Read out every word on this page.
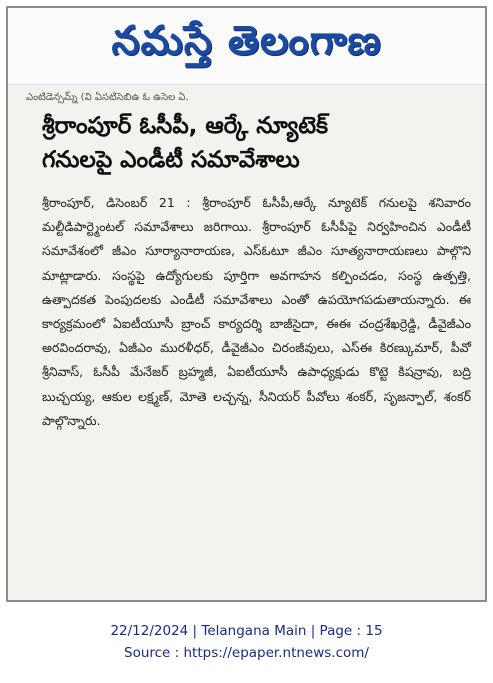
నమస్తే తెలంగాణ
ఎంటిడెన్సమ్న్ (వి ఏసటిసెబిఉ ఓ ఉసెల ఏ.
శ్రీరాంపూర్ ఓసీపీ, ఆర్కే న్యూటెక్
గనులపై ఎండీటీ సమావేశాలు
శ్రీరాంపూర్, డిసెంబర్ 21 : శ్రీరాంపూర్ ఓసీపీ,ఆర్కే న్యూటెక్ గనులపై శనివారం మల్టీడిపార్ట్మెంటల్ సమావేశాలు జరిగాయి. శ్రీరాంపూర్ ఓసీపీపై నిర్వహించిన ఎండీటీ సమావేశంలో జీఎం సూర్యానారాయణ, ఎస్ఓటూ జీఎం సూత్యనారాయణలు పాల్గొని మాట్లాడారు. సంస్థపై ఉద్యోగులకు పూర్తిగా అవగాహన కల్పించడం, సంస్థ ఉత్పత్తి, ఉత్పాదకత పెంపుదలకు ఎండీటీ సమావేశాలు ఎంతో ఉపయోగపడుతాయన్నారు. ఈ కార్యక్రమంలో ఏఐటీయూసీ బ్రాంచ్ కార్యదర్శి బాజీసైదా, ఈఈ చంద్రశేఖర్రెడ్డి, డీవైజీఎం అరవిందరావు, ఏజీఎం మురళీధర్, డీవైజీఎం చిరంజీవులు, ఎస్ఈ కిరణ్కుమార్, పీవో శ్రీనివాస్, ఓసీపీ మేనేజర్ బ్రహ్మజీ, ఏఐటీయూసీ ఉపాధ్యక్షుడు కొట్టె కిషన్రావు, బద్రి బుచ్చయ్య, ఆకుల లక్ష్మణ్, మోతె లచ్చన్న, సీనియర్ పీవోలు శంకర్, సృజన్పాల్, శంకర్ పాల్గొన్నారు.
22/12/2024 | Telangana Main | Page : 15
Source : https://epaper.ntnews.com/
